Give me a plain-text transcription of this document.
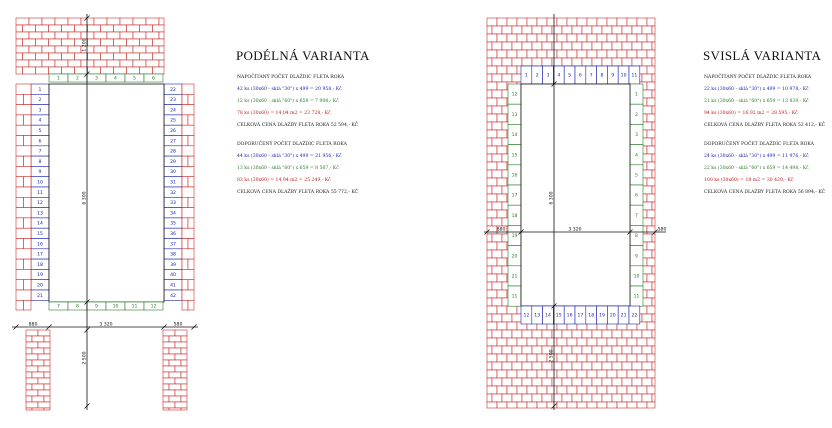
1	2	3	4	5	6
1
2
3
4
5
6
7
8
9
10
11
12
13
14
15
16
17
18
19
20
21
22
23
24
25
26
27
28
29
30
31
32
33
34
35
36
37
38
39
40
41
42
7	8	9	10	11	12
1 200
6 300
2 500
880	3 320	580
1 2 3 4 5 6 7 8 9 10 11
12
13
14
15
16
17
18
19
20
21
11
1
2
3
4
5
6
7
8
9
10
11
12 13 14 15 16 17 18 19 20 21 22
6 300
2 500
880	3 320	580
PODÉLNÁ VARIANTA
NAPOČÍTANÝ POČET DLAŽDIC FLETA ROKA
42 ks (30x60 - sklá "30") x 499 = 20 958,- Kč
12 ks (30x60 - sklá "60") x 659 = 7 908,- Kč
78 ks (30x60) = 14,04 m2 = 23 728,- Kč
CELKOVÁ CENA DLAŽBY FLETA ROKA 52 594,- KČ
DOPORUČENÝ POČET DLAŽDIC FLETA ROKA
44 ks (30x60 - sklá "30") x 499 = 21 956,- Kč
13 ks (30x60 - sklá "60") x 659 = 8 567,- Kč
83 ks (30x60) = 14,94 m2 = 25 249,- Kč
CELKOVÁ CENA DLAŽBY FLETA ROKA 55 772,- KČ
SVISLÁ VARIANTA
NAPOČÍTANÝ POČET DLAŽDIC FLETA ROKA
22 ks (30x60 - sklá "30") x 499 = 10 978,- Kč
21 ks (30x60 - sklá "60") x 659 = 13 839,- Kč
94 ks (30x60) = 16,92 m2 = 28 595,- Kč
CELKOVÁ CENA DLAŽBY FLETA ROKA 53 412,- KČ
DOPORUČENÝ POČET DLAŽDIC FLETA ROKA
24 ks (30x60 - sklá "30") x 499 = 11 976,- Kč
22 ks (30x60 - sklá "60") x 659 = 14 498,- Kč
100 ks (30x60) = 18 m2 = 30 420,- Kč
CELKOVÁ CENA DLAŽBY FLETA ROKA 56 894,- KČ
